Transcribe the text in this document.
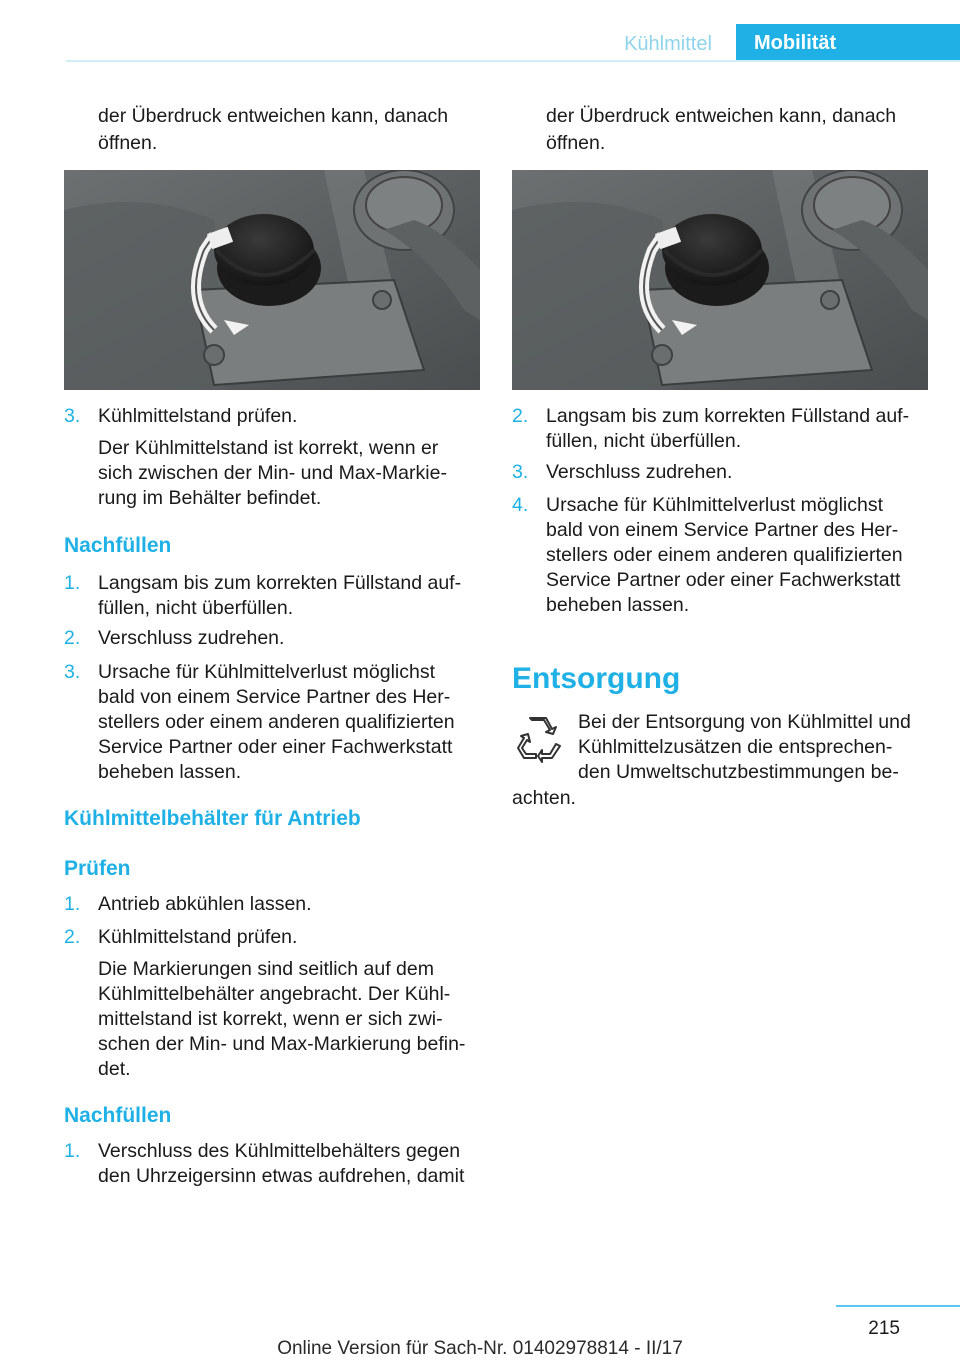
Kühlmittel	Mobilität
der Überdruck entweichen kann, danach
öffnen.
3. Kühlmittelstand prüfen.
Der Kühlmittelstand ist korrekt, wenn er
sich zwischen der Min- und Max-Markie‐
rung im Behälter befindet.
Nachfüllen
1. Langsam bis zum korrekten Füllstand auf‐
füllen, nicht überfüllen.
2. Verschluss zudrehen.
3. Ursache für Kühlmittelverlust möglichst
bald von einem Service Partner des Her‐
stellers oder einem anderen qualifizierten
Service Partner oder einer Fachwerkstatt
beheben lassen.
Kühlmittelbehälter für Antrieb
Prüfen
1. Antrieb abkühlen lassen.
2. Kühlmittelstand prüfen.
Die Markierungen sind seitlich auf dem
Kühlmittelbehälter angebracht. Der Kühl‐
mittelstand ist korrekt, wenn er sich zwi‐
schen der Min- und Max-Markierung befin‐
det.
Nachfüllen
1. Verschluss des Kühlmittelbehälters gegen
den Uhrzeigersinn etwas aufdrehen, damit
der Überdruck entweichen kann, danach
öffnen.
2. Langsam bis zum korrekten Füllstand auf‐
füllen, nicht überfüllen.
3. Verschluss zudrehen.
4. Ursache für Kühlmittelverlust möglichst
bald von einem Service Partner des Her‐
stellers oder einem anderen qualifizierten
Service Partner oder einer Fachwerkstatt
beheben lassen.
Entsorgung
Bei der Entsorgung von Kühlmittel und
Kühlmittelzusätzen die entsprechen‐
den Umweltschutzbestimmungen be‐
achten.
215
Online Version für Sach-Nr. 01402978814 - II/17
